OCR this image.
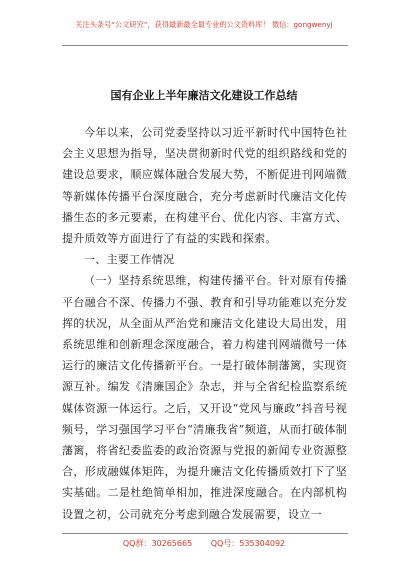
关注头条号“公文研究”，获得最新最全最专业的公文资料库！ 微信：gongwenyj
国有企业上半年廉洁文化建设工作总结

今年以来，公司党委坚持以习近平新时代中国特色社会主义思想为指导，坚决贯彻新时代党的组织路线和党的建设总要求，顺应媒体融合发展大势，不断促进刊网端微等新媒体传播平台深度融合，充分考虑新时代廉洁文化传播生态的多元要素，在构建平台、优化内容、丰富方式、提升质效等方面进行了有益的实践和探索。

一、主要工作情况

（一）坚持系统思维，构建传播平台。针对原有传播平台融合不深、传播力不强、教育和引导功能难以充分发挥的状况，从全面从严治党和廉洁文化建设大局出发，用系统思维和创新理念深度融合，着力构建刊网端微号一体运行的廉洁文化传播新平台。一是打破体制藩篱，实现资源互补。编发《清廉国企》杂志，并与全省纪检监察系统媒体资源一体运行。之后，又开设“党风与廉政”抖音号视频号，学习强国学习平台“清廉我省”频道，从而打破体制藩篱，将省纪委监委的政治资源与党报的新闻专业资源整合，形成融媒体矩阵，为提升廉洁文化传播质效打下了坚实基础。二是杜绝简单相加，推进深度融合。在内部机构设置之初，公司就充分考虑到融合发展需要，设立一

QQ群：30265665 QQ号：535304092
